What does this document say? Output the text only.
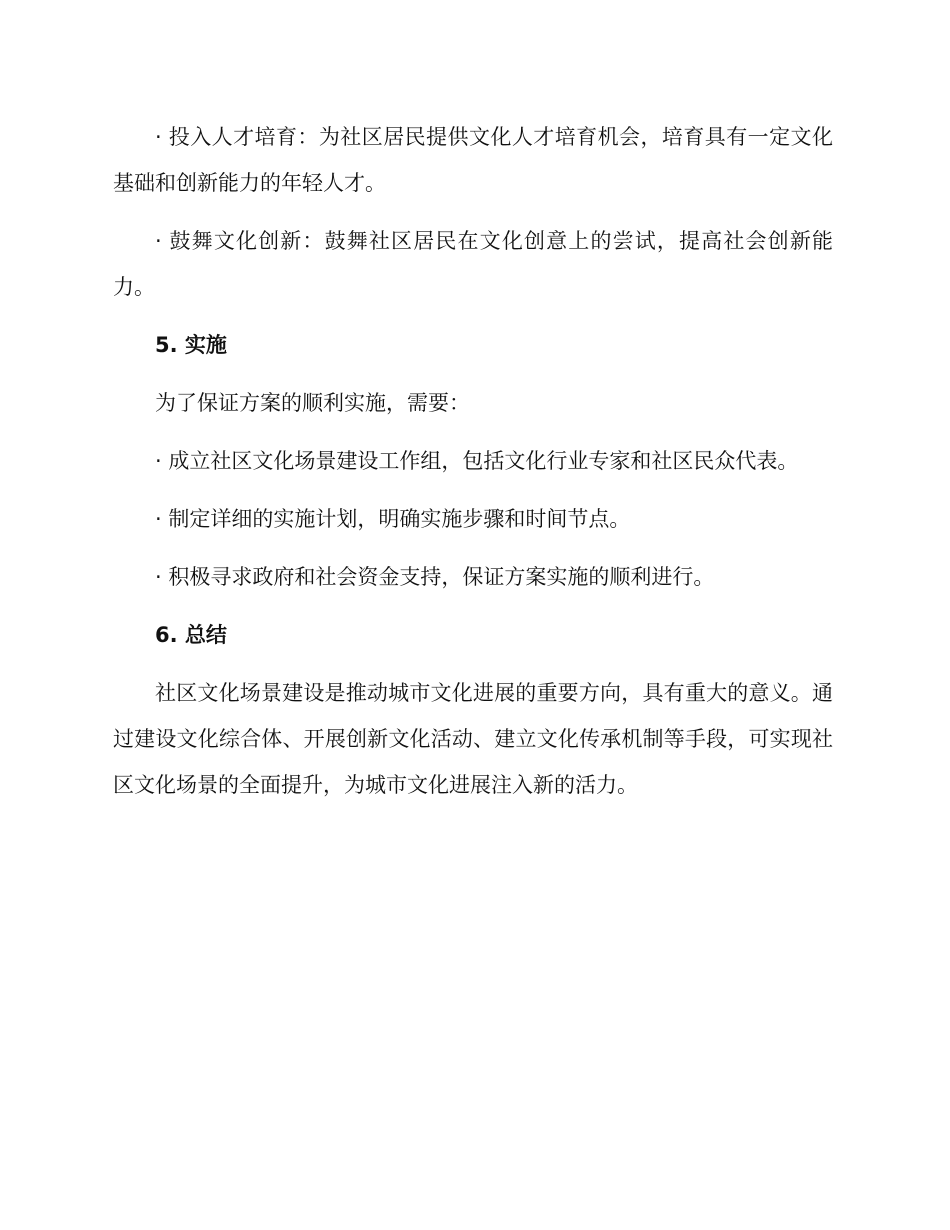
· 投入人才培育：为社区居民提供文化人才培育机会，培育具有一定文化基础和创新能力的年轻人才。

· 鼓舞文化创新：鼓舞社区居民在文化创意上的尝试，提高社会创新能力。

5. 实施

为了保证方案的顺利实施，需要：

· 成立社区文化场景建设工作组，包括文化行业专家和社区民众代表。

· 制定详细的实施计划，明确实施步骤和时间节点。

· 积极寻求政府和社会资金支持，保证方案实施的顺利进行。

6. 总结

社区文化场景建设是推动城市文化进展的重要方向，具有重大的意义。通过建设文化综合体、开展创新文化活动、建立文化传承机制等手段，可实现社区文化场景的全面提升，为城市文化进展注入新的活力。
